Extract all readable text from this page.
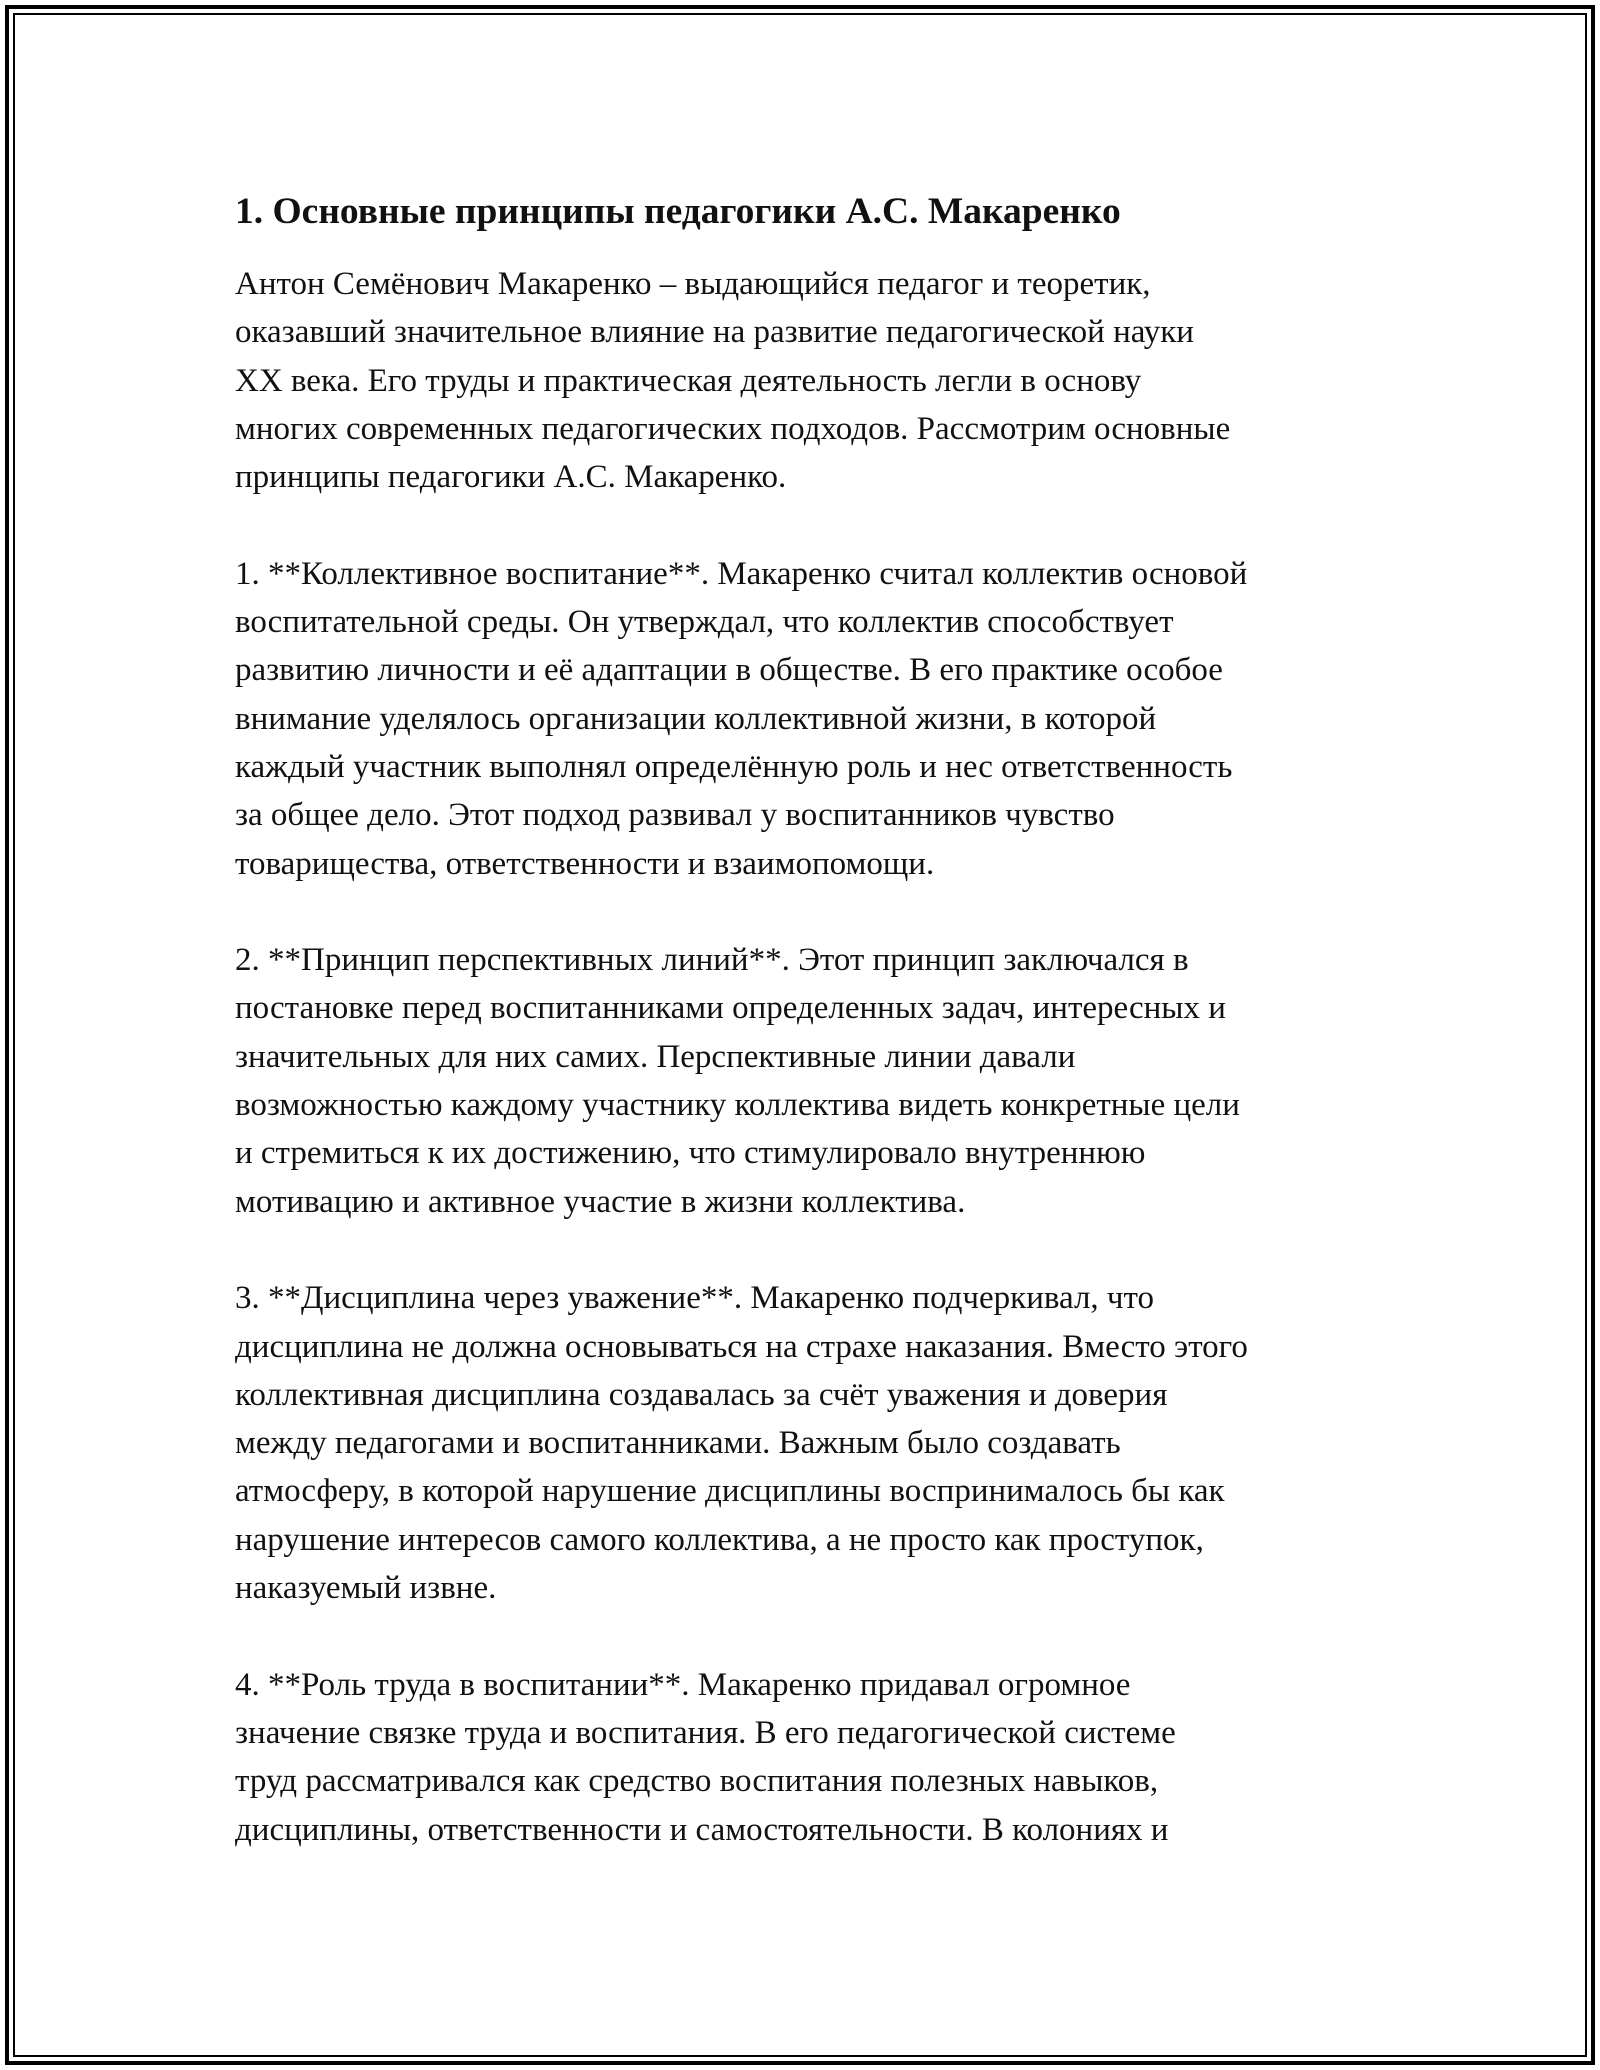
1. Основные принципы педагогики А.С. Макаренко
Антон Семёнович Макаренко – выдающийся педагог и теоретик,
оказавший значительное влияние на развитие педагогической науки
XX века. Его труды и практическая деятельность легли в основу
многих современных педагогических подходов. Рассмотрим основные
принципы педагогики А.С. Макаренко.
1. **Коллективное воспитание**. Макаренко считал коллектив основой
воспитательной среды. Он утверждал, что коллектив способствует
развитию личности и её адаптации в обществе. В его практике особое
внимание уделялось организации коллективной жизни, в которой
каждый участник выполнял определённую роль и нес ответственность
за общее дело. Этот подход развивал у воспитанников чувство
товарищества, ответственности и взаимопомощи.
2. **Принцип перспективных линий**. Этот принцип заключался в
постановке перед воспитанниками определенных задач, интересных и
значительных для них самих. Перспективные линии давали
возможностью каждому участнику коллектива видеть конкретные цели
и стремиться к их достижению, что стимулировало внутреннюю
мотивацию и активное участие в жизни коллектива.
3. **Дисциплина через уважение**. Макаренко подчеркивал, что
дисциплина не должна основываться на страхе наказания. Вместо этого
коллективная дисциплина создавалась за счёт уважения и доверия
между педагогами и воспитанниками. Важным было создавать
атмосферу, в которой нарушение дисциплины воспринималось бы как
нарушение интересов самого коллектива, а не просто как проступок,
наказуемый извне.
4. **Роль труда в воспитании**. Макаренко придавал огромное
значение связке труда и воспитания. В его педагогической системе
труд рассматривался как средство воспитания полезных навыков,
дисциплины, ответственности и самостоятельности. В колониях и
